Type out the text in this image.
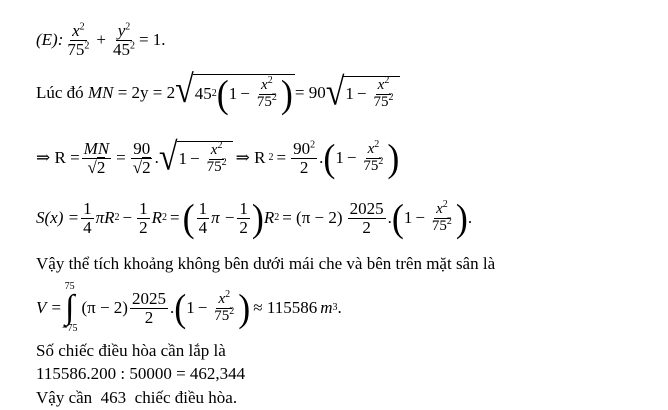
(E): $\frac{x^2}{75^2} + \frac{y^2}{45^2} = 1$.
Lúc đó
MN
= 2y = 2 √ 45 2 ( $1 - \frac{x^2}{75^2}$ ) = 90 √ $1 - \frac{x^2}{75^2}$
⇒ $R = \frac{MN}{√2} = \frac{90}{√2}$ . √ $1 - \frac{x^2}{75^2}$ ⇒ R $2 = \frac{90^2}{2}$ . ( $1 - \frac{x^2}{75^2}$ )
$S(x) = \frac{1}{4}$ πR $2 - \frac{1}{2}$ R 2 = ( $\frac{1}{4}$ $\pi - \frac{1}{2}$ ) R $2 = (\pi - 2) \frac{2025}{2}$ . ( $1 - \frac{x^2}{75^2}$ ) .
Vậy thể tích khoảng không bên dưới mái che và bên trên mặt sân là
V =
75
∫
−75
$(\pi - 2) \frac{2025}{2}$ . ( $1 - \frac{x^2}{75^2}$ ) ≈ 115586 m 3 .
Số chiếc điều hòa cần lắp là
115586.200 : 50000 = 462,344
Vậy cần  463  chiếc điều hòa.
